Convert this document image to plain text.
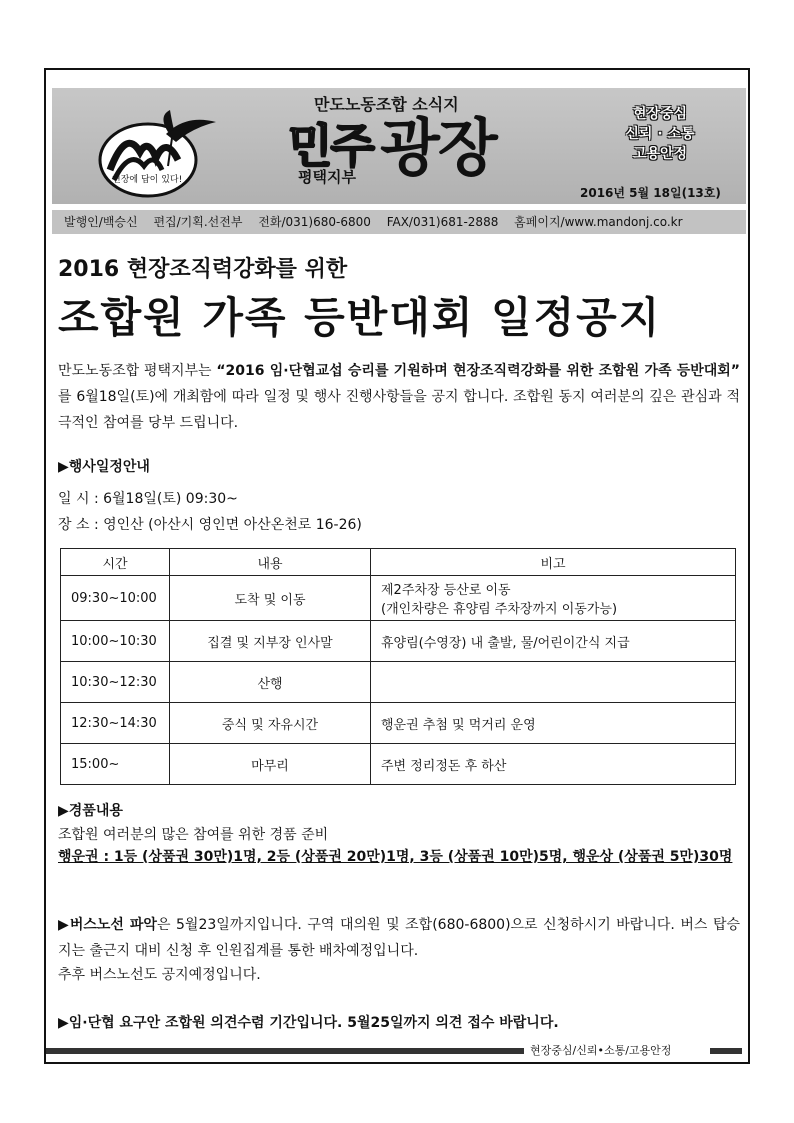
현장에 답이 있다!
만도노동조합 소식지
민주 광장
평택지부
현장중심
신뢰 · 소통
고용안정
2016년 5월 18일(13호)
발행인/백승신 편집/기획.선전부 전화/031)680-6800 FAX/031)681-2888 홈페이지/www.mandonj.co.kr
현장중심/신뢰•소통/고용안정
2016 현장조직력강화를 위한
조합원 가족 등반대회 일정공지
만도노동조합 평택지부는 “2016 임·단협교섭 승리를 기원하며 현장조직력강화를 위한 조합원 가족 등반대회” 를 6월18일(토)에 개최함에 따라 일정 및 행사 진행사항들을 공지 합니다. 조합원 동지 여러분의 깊은 관심과 적극적인 참여를 당부 드립니다.
▶행사일정안내
일 시 : 6월18일(토) 09:30~
장 소 : 영인산 (아산시 영인면 아산온천로 16-26)
시간	내용	비고
09:30~10:00	도착 및 이동	제2주차장 등산로 이동
(개인차량은 휴양림 주차장까지 이동가능)

10:00~10:30	집결 및 지부장 인사말	휴양림(수영장) 내 출발, 물/어린이간식 지급
10:30~12:30	산행	
12:30~14:30	중식 및 자유시간	행운권 추첨 및 먹거리 운영
15:00~	마무리	주변 정리정돈 후 하산
▶경품내용
조합원 여러분의 많은 참여를 위한 경품 준비
행운권 : 1등 (상품권 30만)1명, 2등 (상품권 20만)1명, 3등 (상품권 10만)5명, 행운상 (상품권 5만)30명
▶버스노선 파악은 5월23일까지입니다. 구역 대의원 및 조합(680-6800)으로 신청하시기 바랍니다. 버스 탑승지는 출근지 대비 신청 후 인원집계를 통한 배차예정입니다.
추후 버스노선도 공지예정입니다.
▶임·단협 요구안 조합원 의견수렴 기간입니다. 5월25일까지 의견 접수 바랍니다.
